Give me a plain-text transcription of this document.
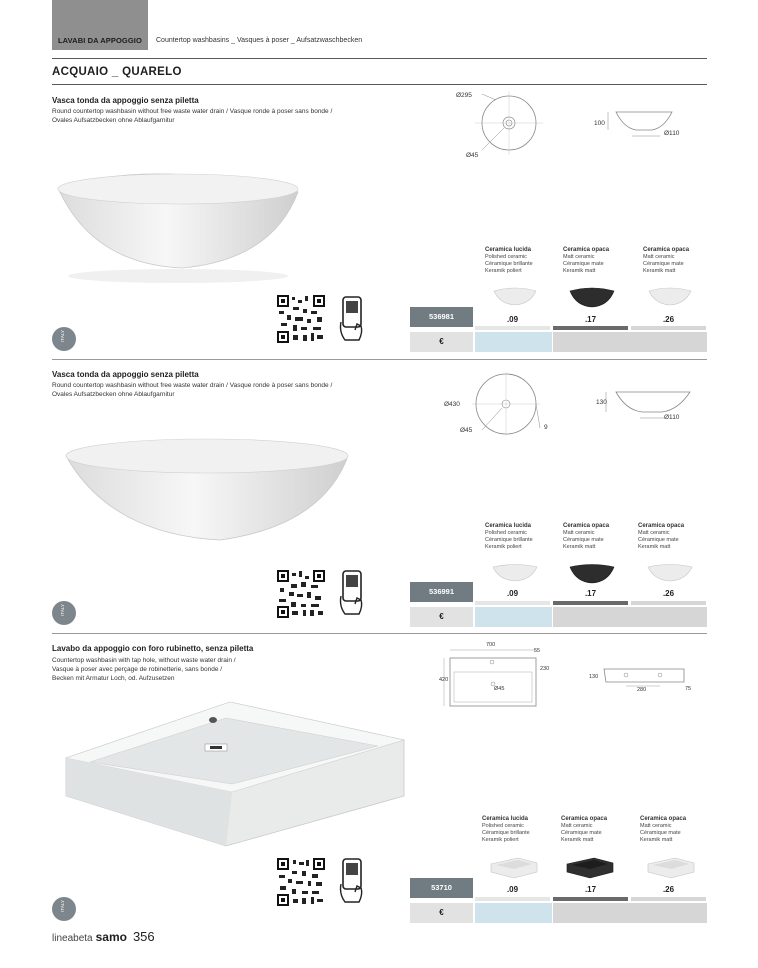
LAVABI DA APPOGGIO Countertop washbasins _ Vasques à poser _ Aufsatzwaschbecken
ACQUAIO _ QUARELO
Vasca tonda da appoggio senza piletta
Round countertop washbasin without free waste water drain / Vasque ronde à poser sans bonde /
Ovales Aufsatzbecken ohne Ablaufgarnitur
Ø295
Ø45
100
Ø110
Ceramica lucida
Polished ceramic
Céramique brillante
Keramik poliert
Ceramica opaca
Matt ceramic
Céramique mate
Keramik matt
Ceramica opaca
Matt ceramic
Céramique mate
Keramik matt
536981	.09	.17	.26
€
ITALY
Vasca tonda da appoggio senza piletta
Round countertop washbasin without free waste water drain / Vasque ronde à poser sans bonde /
Ovales Aufsatzbecken ohne Ablaufgarnitur
Ø430
Ø45	9
130
Ø110
Ceramica lucida
Polished ceramic
Céramique brillante
Keramik poliert
Ceramica opaca
Matt ceramic
Céramique mate
Keramik matt
Ceramica opaca
Matt ceramic
Céramique mate
Keramik matt
536991	.09	.17	.26
€
ITALY
Lavabo da appoggio con foro rubinetto, senza piletta
Countertop washbasin with tap hole, without waste water drain /
Vasque à poser avec perçage de robinetterie, sans bonde /
Becken mit Armatur Loch, od. Aufzusetzen
700
55
230
420
Ø45
130
280	75
Ceramica lucida
Polished ceramic
Céramique brillante
Keramik poliert
Ceramica opaca
Matt ceramic
Céramique mate
Keramik matt
Ceramica opaca
Matt ceramic
Céramique mate
Keramik matt
53710	.09	.17	.26
€
ITALY
lineabeta samo 356
